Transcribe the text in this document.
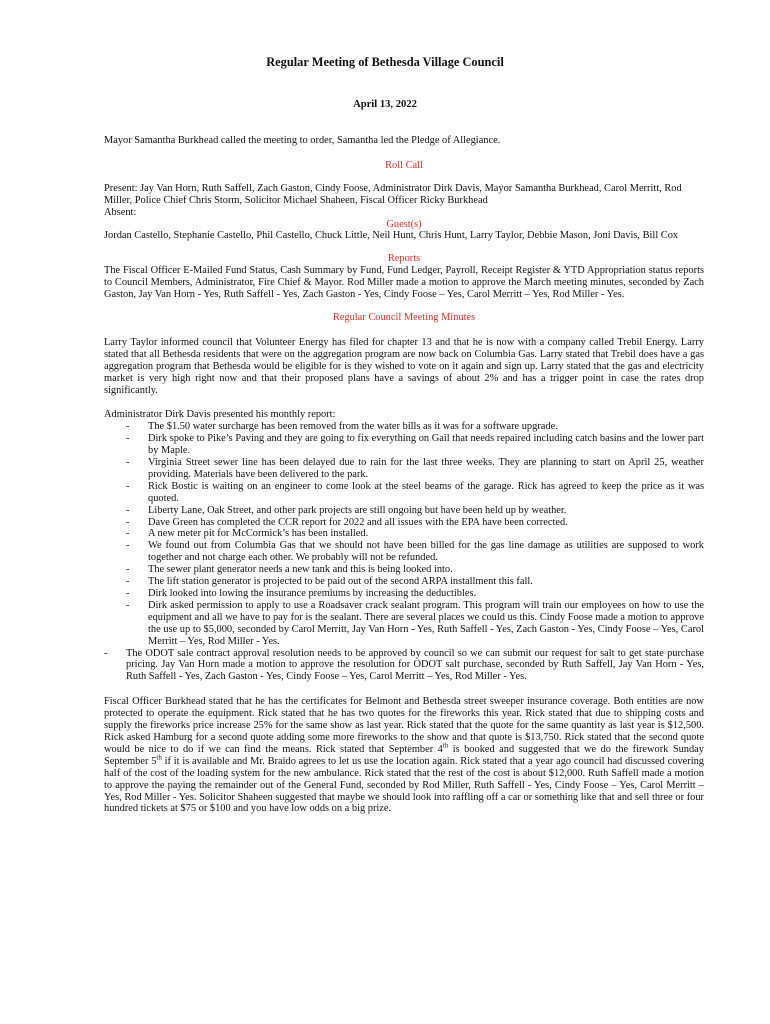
Regular Meeting of Bethesda Village Council
April 13, 2022

Mayor Samantha Burkhead called the meeting to order, Samantha led the Pledge of Allegiance.

Roll Call

Present: Jay Van Horn, Ruth Saffell, Zach Gaston, Cindy Foose, Administrator Dirk Davis, Mayor Samantha Burkhead, Carol Merritt, Rod Miller, Police Chief Chris Storm, Solicitor Michael Shaheen, Fiscal Officer Ricky Burkhead

Absent:

Guest(s)

Jordan Castello, Stephanie Castello, Phil Castello, Chuck Little, Neil Hunt, Chris Hunt, Larry Taylor, Debbie Mason, Joni Davis, Bill Cox

Reports

The Fiscal Officer E-Mailed Fund Status, Cash Summary by Fund, Fund Ledger, Payroll, Receipt Register & YTD Appropriation status reports to Council Members, Administrator, Fire Chief & Mayor. Rod Miller made a motion to approve the March meeting minutes, seconded by Zach Gaston, Jay Van Horn - Yes, Ruth Saffell - Yes, Zach Gaston - Yes, Cindy Foose – Yes, Carol Merritt – Yes, Rod Miller - Yes.

Regular Council Meeting Minutes

Larry Taylor informed council that Volunteer Energy has filed for chapter 13 and that he is now with a company called Trebil Energy. Larry stated that all Bethesda residents that were on the aggregation program are now back on Columbia Gas. Larry stated that Trebil does have a gas aggregation program that Bethesda would be eligible for is they wished to vote on it again and sign up. Larry stated that the gas and electricity market is very high right now and that their proposed plans have a savings of about 2% and has a trigger point in case the rates drop significantly.

Administrator Dirk Davis presented his monthly report:

- The $1.50 water surcharge has been removed from the water bills as it was for a software upgrade.
- Dirk spoke to Pike’s Paving and they are going to fix everything on Gail that needs repaired including catch basins and the lower part by Maple.
- Virginia Street sewer line has been delayed due to rain for the last three weeks. They are planning to start on April 25, weather providing. Materials have been delivered to the park.
- Rick Bostic is waiting on an engineer to come look at the steel beams of the garage. Rick has agreed to keep the price as it was quoted.
- Liberty Lane, Oak Street, and other park projects are still ongoing but have been held up by weather.
- Dave Green has completed the CCR report for 2022 and all issues with the EPA have been corrected.
- A new meter pit for McCormick’s has been installed.
- We found out from Columbia Gas that we should not have been billed for the gas line damage as utilities are supposed to work together and not charge each other. We probably will not be refunded.
- The sewer plant generator needs a new tank and this is being looked into.
- The lift station generator is projected to be paid out of the second ARPA installment this fall.
- Dirk looked into lowing the insurance premiums by increasing the deductibles.
- Dirk asked permission to apply to use a Roadsaver crack sealant program. This program will train our employees on how to use the equipment and all we have to pay for is the sealant. There are several places we could us this. Cindy Foose made a motion to approve the use up to $5,000, seconded by Carol Merritt, Jay Van Horn - Yes, Ruth Saffell - Yes, Zach Gaston - Yes, Cindy Foose – Yes, Carol Merritt – Yes, Rod Miller - Yes.
- The ODOT sale contract approval resolution needs to be approved by council so we can submit our request for salt to get state purchase pricing. Jay Van Horn made a motion to approve the resolution for ODOT salt purchase, seconded by Ruth Saffell, Jay Van Horn - Yes, Ruth Saffell - Yes, Zach Gaston - Yes, Cindy Foose – Yes, Carol Merritt – Yes, Rod Miller - Yes.

Fiscal Officer Burkhead stated that he has the certificates for Belmont and Bethesda street sweeper insurance coverage. Both entities are now protected to operate the equipment. Rick stated that he has two quotes for the fireworks this year. Rick stated that due to shipping costs and supply the fireworks price increase 25% for the same show as last year. Rick stated that the quote for the same quantity as last year is $12,500. Rick asked Hamburg for a second quote adding some more fireworks to the show and that quote is $13,750. Rick stated that the second quote would be nice to do if we can find the means. Rick stated that September 4th is booked and suggested that we do the firework Sunday September 5th if it is available and Mr. Braido agrees to let us use the location again. Rick stated that a year ago council had discussed covering half of the cost of the loading system for the new ambulance. Rick stated that the rest of the cost is about $12,000. Ruth Saffell made a motion to approve the paying the remainder out of the General Fund, seconded by Rod Miller, Ruth Saffell - Yes, Cindy Foose – Yes, Carol Merritt – Yes, Rod Miller - Yes. Solicitor Shaheen suggested that maybe we should look into raffling off a car or something like that and sell three or four hundred tickets at $75 or $100 and you have low odds on a big prize.
